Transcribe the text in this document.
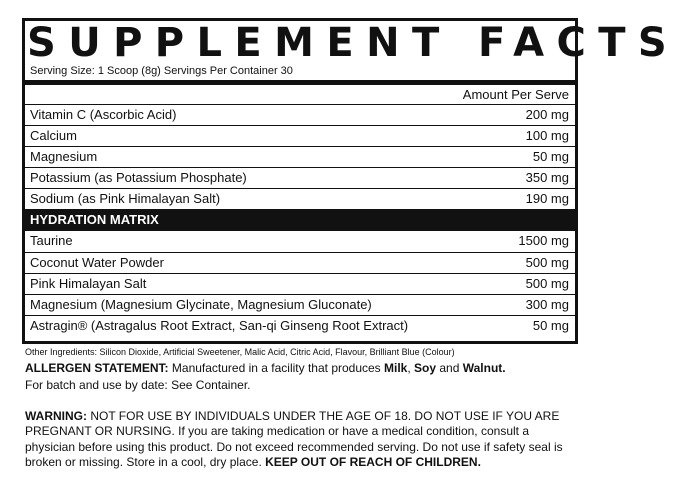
SUPPLEMENT FACTS
Serving Size: 1 Scoop (8g) Servings Per Container 30
Amount Per Serve
Vitamin C (Ascorbic Acid)	200 mg
Calcium	100 mg
Magnesium	50 mg
Potassium (as Potassium Phosphate)	350 mg
Sodium (as Pink Himalayan Salt)	190 mg
HYDRATION MATRIX
Taurine	1500 mg
Coconut Water Powder	500 mg
Pink Himalayan Salt	500 mg
Magnesium (Magnesium Glycinate, Magnesium Gluconate)	300 mg
Astragin® (Astragalus Root Extract, San-qi Ginseng Root Extract)	50 mg
Other Ingredients: Silicon Dioxide, Artificial Sweetener, Malic Acid, Citric Acid, Flavour, Brilliant Blue (Colour)
ALLERGEN STATEMENT: Manufactured in a facility that produces Milk, Soy and Walnut.
For batch and use by date: See Container.
WARNING: NOT FOR USE BY INDIVIDUALS UNDER THE AGE OF 18. DO NOT USE IF YOU ARE PREGNANT OR NURSING. If you are taking medication or have a medical condition, consult a physician before using this product. Do not exceed recommended serving. Do not use if safety seal is broken or missing. Store in a cool, dry place. KEEP OUT OF REACH OF CHILDREN.
